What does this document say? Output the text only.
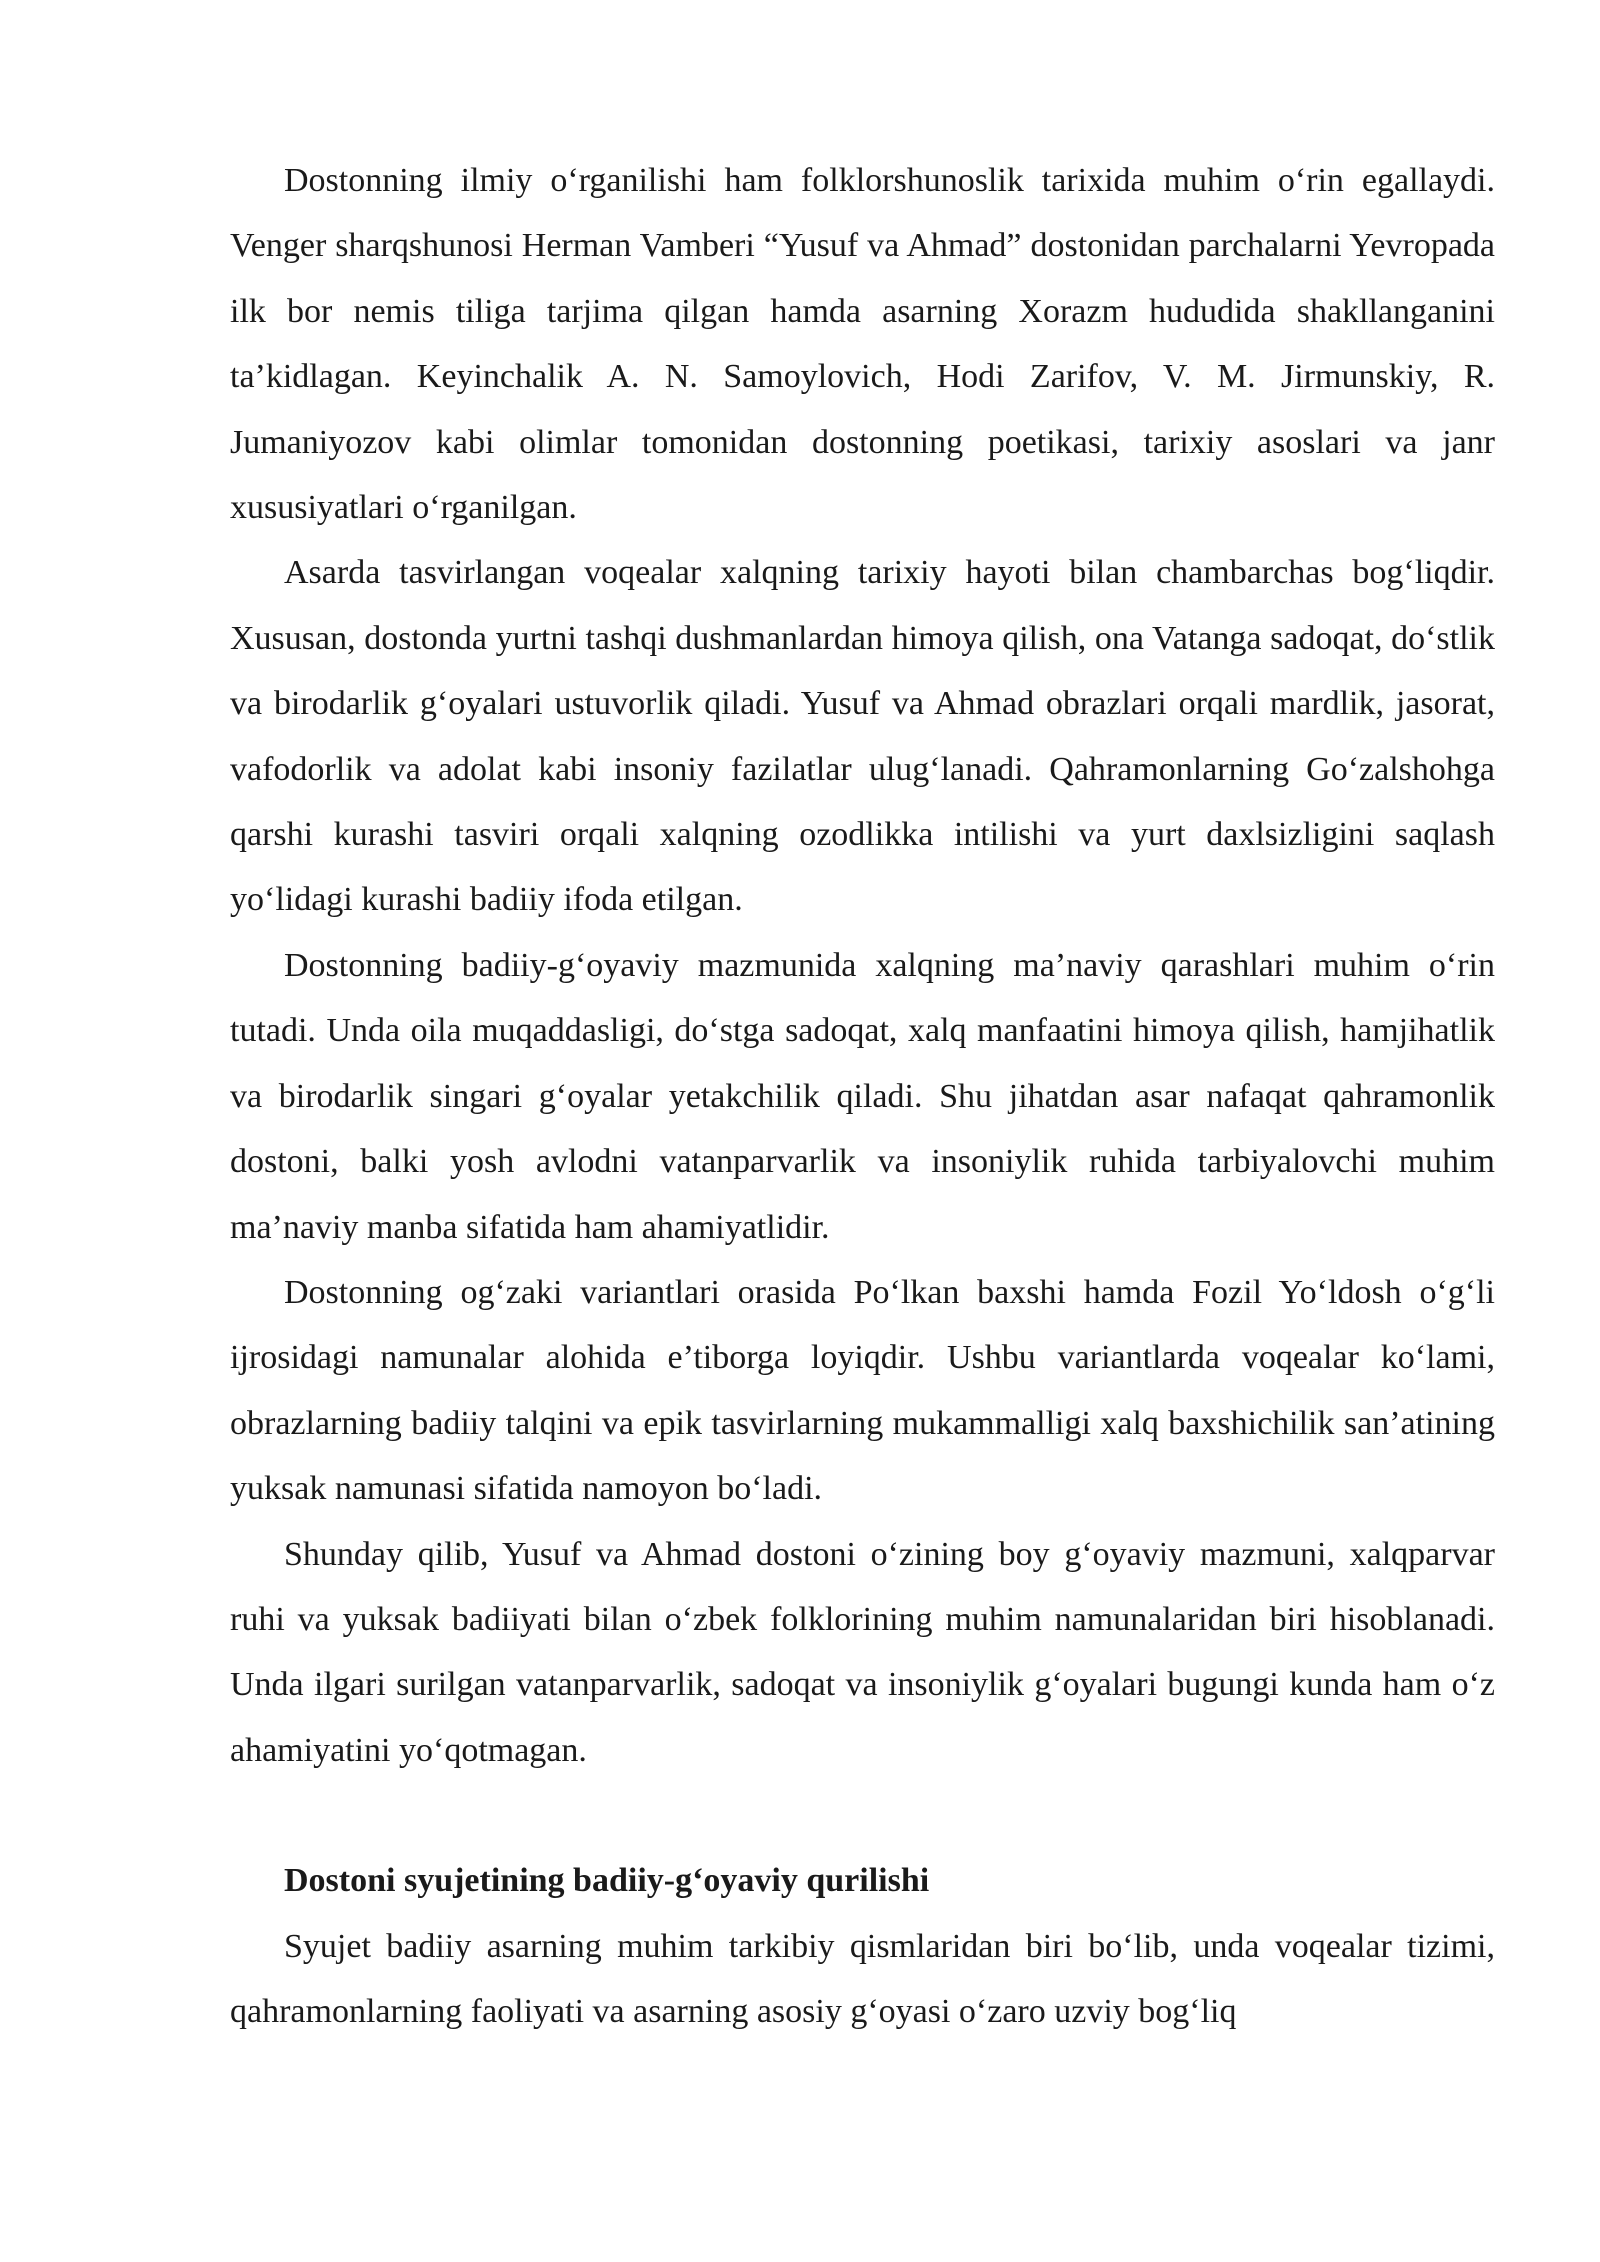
Dostonning ilmiy o‘rganilishi ham folklorshunoslik tarixida muhim o‘rin egallaydi. Venger sharqshunosi Herman Vamberi “Yusuf va Ahmad” dostonidan parchalarni Yevropada ilk bor nemis tiliga tarjima qilgan hamda asarning Xorazm hududida shakllanganini ta’kidlagan. Keyinchalik A. N. Samoylovich, Hodi Zarifov, V. M. Jirmunskiy, R. Jumaniyozov kabi olimlar tomonidan dostonning poetikasi, tarixiy asoslari va janr xususiyatlari o‘rganilgan.

Asarda tasvirlangan voqealar xalqning tarixiy hayoti bilan chambarchas bog‘liqdir. Xususan, dostonda yurtni tashqi dushmanlardan himoya qilish, ona Vatanga sadoqat, do‘stlik va birodarlik g‘oyalari ustuvorlik qiladi. Yusuf va Ahmad obrazlari orqali mardlik, jasorat, vafodorlik va adolat kabi insoniy fazilatlar ulug‘lanadi. Qahramonlarning Go‘zalshohga qarshi kurashi tasviri orqali xalqning ozodlikka intilishi va yurt daxlsizligini saqlash yo‘lidagi kurashi badiiy ifoda etilgan.

Dostonning badiiy-g‘oyaviy mazmunida xalqning ma’naviy qarashlari muhim o‘rin tutadi. Unda oila muqaddasligi, do‘stga sadoqat, xalq manfaatini himoya qilish, hamjihatlik va birodarlik singari g‘oyalar yetakchilik qiladi. Shu jihatdan asar nafaqat qahramonlik dostoni, balki yosh avlodni vatanparvarlik va insoniylik ruhida tarbiyalovchi muhim ma’naviy manba sifatida ham ahamiyatlidir.

Dostonning og‘zaki variantlari orasida Po‘lkan baxshi hamda Fozil Yo‘ldosh o‘g‘li ijrosidagi namunalar alohida e’tiborga loyiqdir. Ushbu variantlarda voqealar ko‘lami, obrazlarning badiiy talqini va epik tasvirlarning mukammalligi xalq baxshichilik san’atining yuksak namunasi sifatida namoyon bo‘ladi.

Shunday qilib, Yusuf va Ahmad dostoni o‘zining boy g‘oyaviy mazmuni, xalqparvar ruhi va yuksak badiiyati bilan o‘zbek folklorining muhim namunalaridan biri hisoblanadi. Unda ilgari surilgan vatanparvarlik, sadoqat va insoniylik g‘oyalari bugungi kunda ham o‘z ahamiyatini yo‘qotmagan.

Dostoni syujetining badiiy-g‘oyaviy qurilishi

Syujet badiiy asarning muhim tarkibiy qismlaridan biri bo‘lib, unda voqealar tizimi, qahramonlarning faoliyati va asarning asosiy g‘oyasi o‘zaro uzviy bog‘liq
